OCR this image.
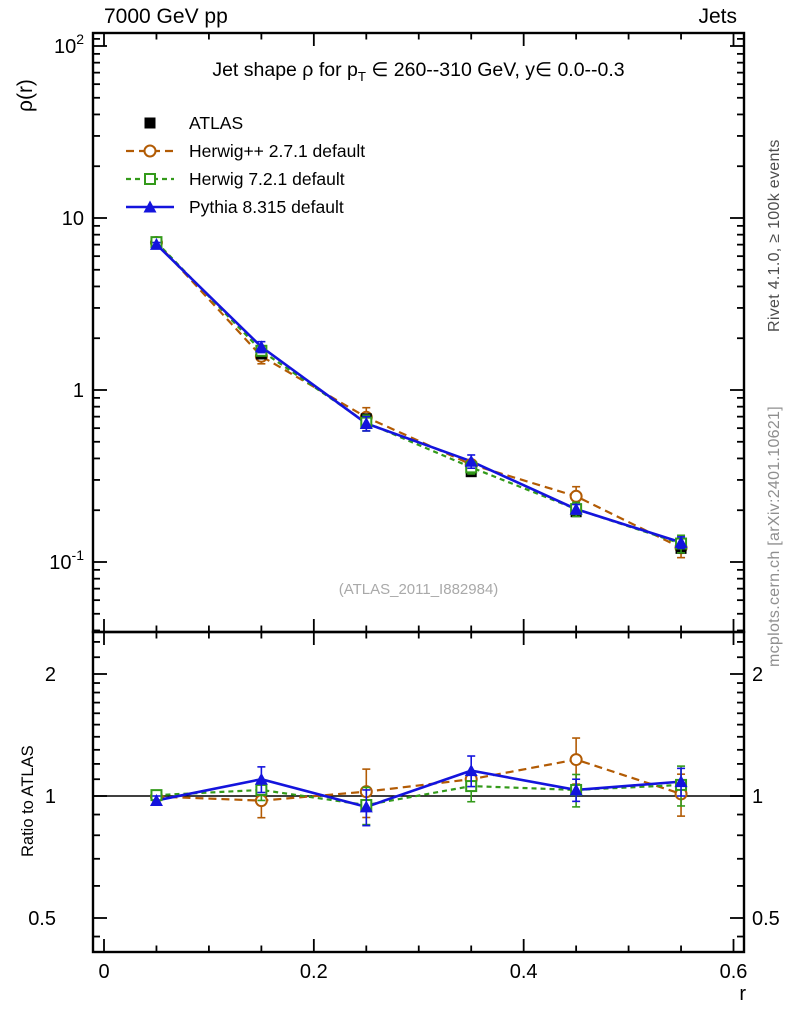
$10^2$
10
1
$10^{-1}$
2	2
1	1
0.5	0.5
0	0.2	0.4	0.6
7000 GeV pp	Jets
ρ(r)
Jet shape ρ for $p_T$ ∈ 260--310 GeV, y∈ 0.0--0.3
ATLAS
Herwig++ 2.7.1 default
Herwig 7.2.1 default
Pythia 8.315 default
(ATLAS_2011_I882984)
Rivet 4.1.0, ≥ 100k events
mcplots.cern.ch [arXiv:2401.10621]
Ratio to ATLAS
r
